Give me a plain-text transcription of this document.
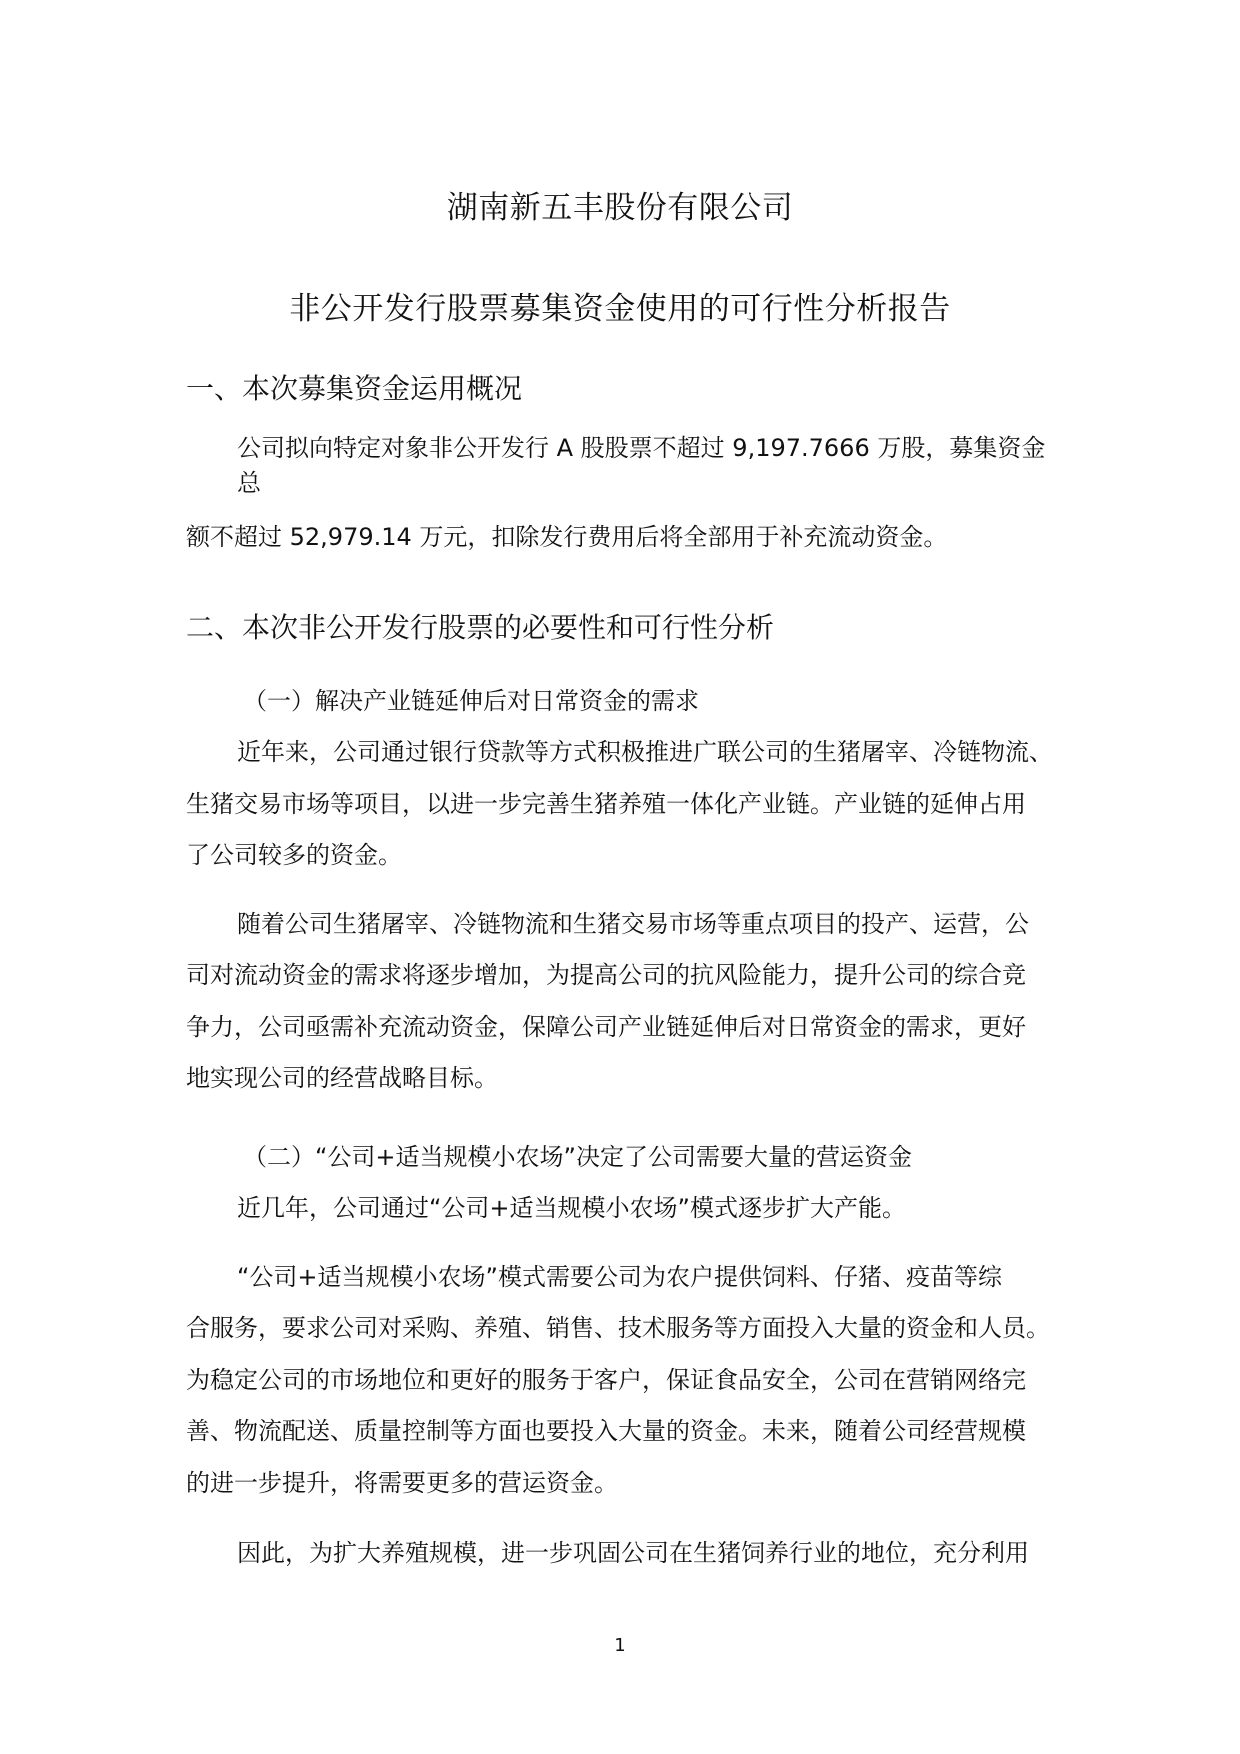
湖南新五丰股份有限公司
非公开发行股票募集资金使用的可行性分析报告
一、本次募集资金运用概况
公司拟向特定对象非公开发行 A 股股票不超过 9,197.7666 万股，募集资金
总
额不超过 52,979.14 万元，扣除发行费用后将全部用于补充流动资金。
二、本次非公开发行股票的必要性和可行性分析
（一）解决产业链延伸后对日常资金的需求
近年来，公司通过银行贷款等方式积极推进广联公司的生猪屠宰、冷链物流、
生猪交易市场等项目，以进一步完善生猪养殖一体化产业链。产业链的延伸占用
了公司较多的资金。
随着公司生猪屠宰、冷链物流和生猪交易市场等重点项目的投产、运营，公
司对流动资金的需求将逐步增加，为提高公司的抗风险能力，提升公司的综合竞
争力，公司亟需补充流动资金，保障公司产业链延伸后对日常资金的需求，更好
地实现公司的经营战略目标。
（二）“公司+适当规模小农场”决定了公司需要大量的营运资金
近几年，公司通过“公司+适当规模小农场”模式逐步扩大产能。
“公司+适当规模小农场”模式需要公司为农户提供饲料、仔猪、疫苗等综
合服务，要求公司对采购、养殖、销售、技术服务等方面投入大量的资金和人员。
为稳定公司的市场地位和更好的服务于客户，保证食品安全，公司在营销网络完
善、物流配送、质量控制等方面也要投入大量的资金。未来，随着公司经营规模
的进一步提升，将需要更多的营运资金。
因此，为扩大养殖规模，进一步巩固公司在生猪饲养行业的地位，充分利用
1
